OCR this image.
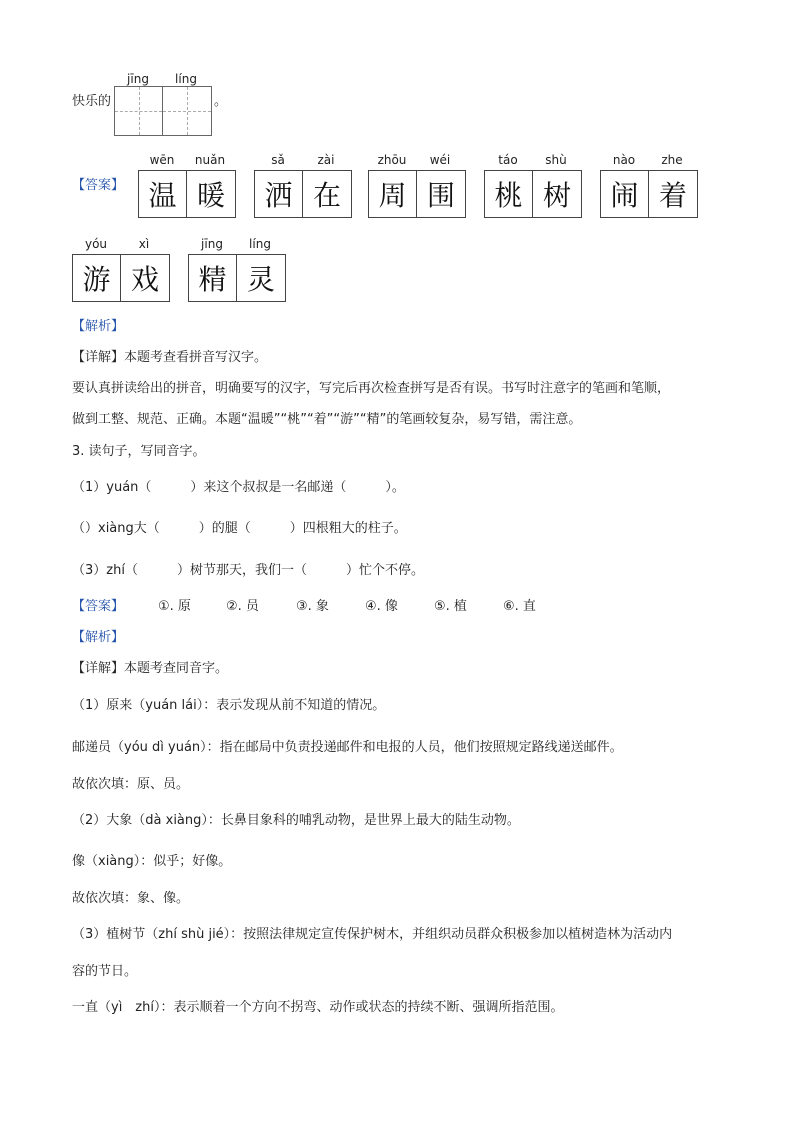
jīng	líng
快乐的	。
【答案】
wēn	nuǎn
温 暖
sǎ	zài
洒 在
zhōu	wéi
周 围
táo	shù
桃 树
nào	zhe
闹 着
yóu	xì
游 戏
jīng	líng
精 灵
【解析】
【详解】本题考查看拼音写汉字。
要认真拼读给出的拼音，明确要写的汉字，写完后再次检查拼写是否有误。书写时注意字的笔画和笔顺，
做到工整、规范、正确。本题“温暖”“桃”“着”“游”“精”的笔画较复杂，易写错，需注意。
3. 读句子，写同音字。
（1）yuán（　　　）来这个叔叔是一名邮递（　　　）。
（）xiàng大（　　　）的腿（　　　）四根粗大的柱子。
（3）zhí（　　　）树节那天，我们一（　　　）忙个不停。
【答案】	①. 原	②. 员	③. 象	④. 像	⑤. 植	⑥. 直
【解析】
【详解】本题考查同音字。
（1）原来（yuán lái）：表示发现从前不知道的情况。
邮递员（yóu dì yuán）：指在邮局中负责投递邮件和电报的人员，他们按照规定路线递送邮件。
故依次填：原、员。
（2）大象（dà xiàng）：长鼻目象科的哺乳动物，是世界上最大的陆生动物。
像（xiàng）：似乎；好像。
故依次填：象、像。
（3）植树节（zhí shù jié）：按照法律规定宣传保护树木，并组织动员群众积极参加以植树造林为活动内
容的节日。
一直（yì　zhí）：表示顺着一个方向不拐弯、动作或状态的持续不断、强调所指范围。
